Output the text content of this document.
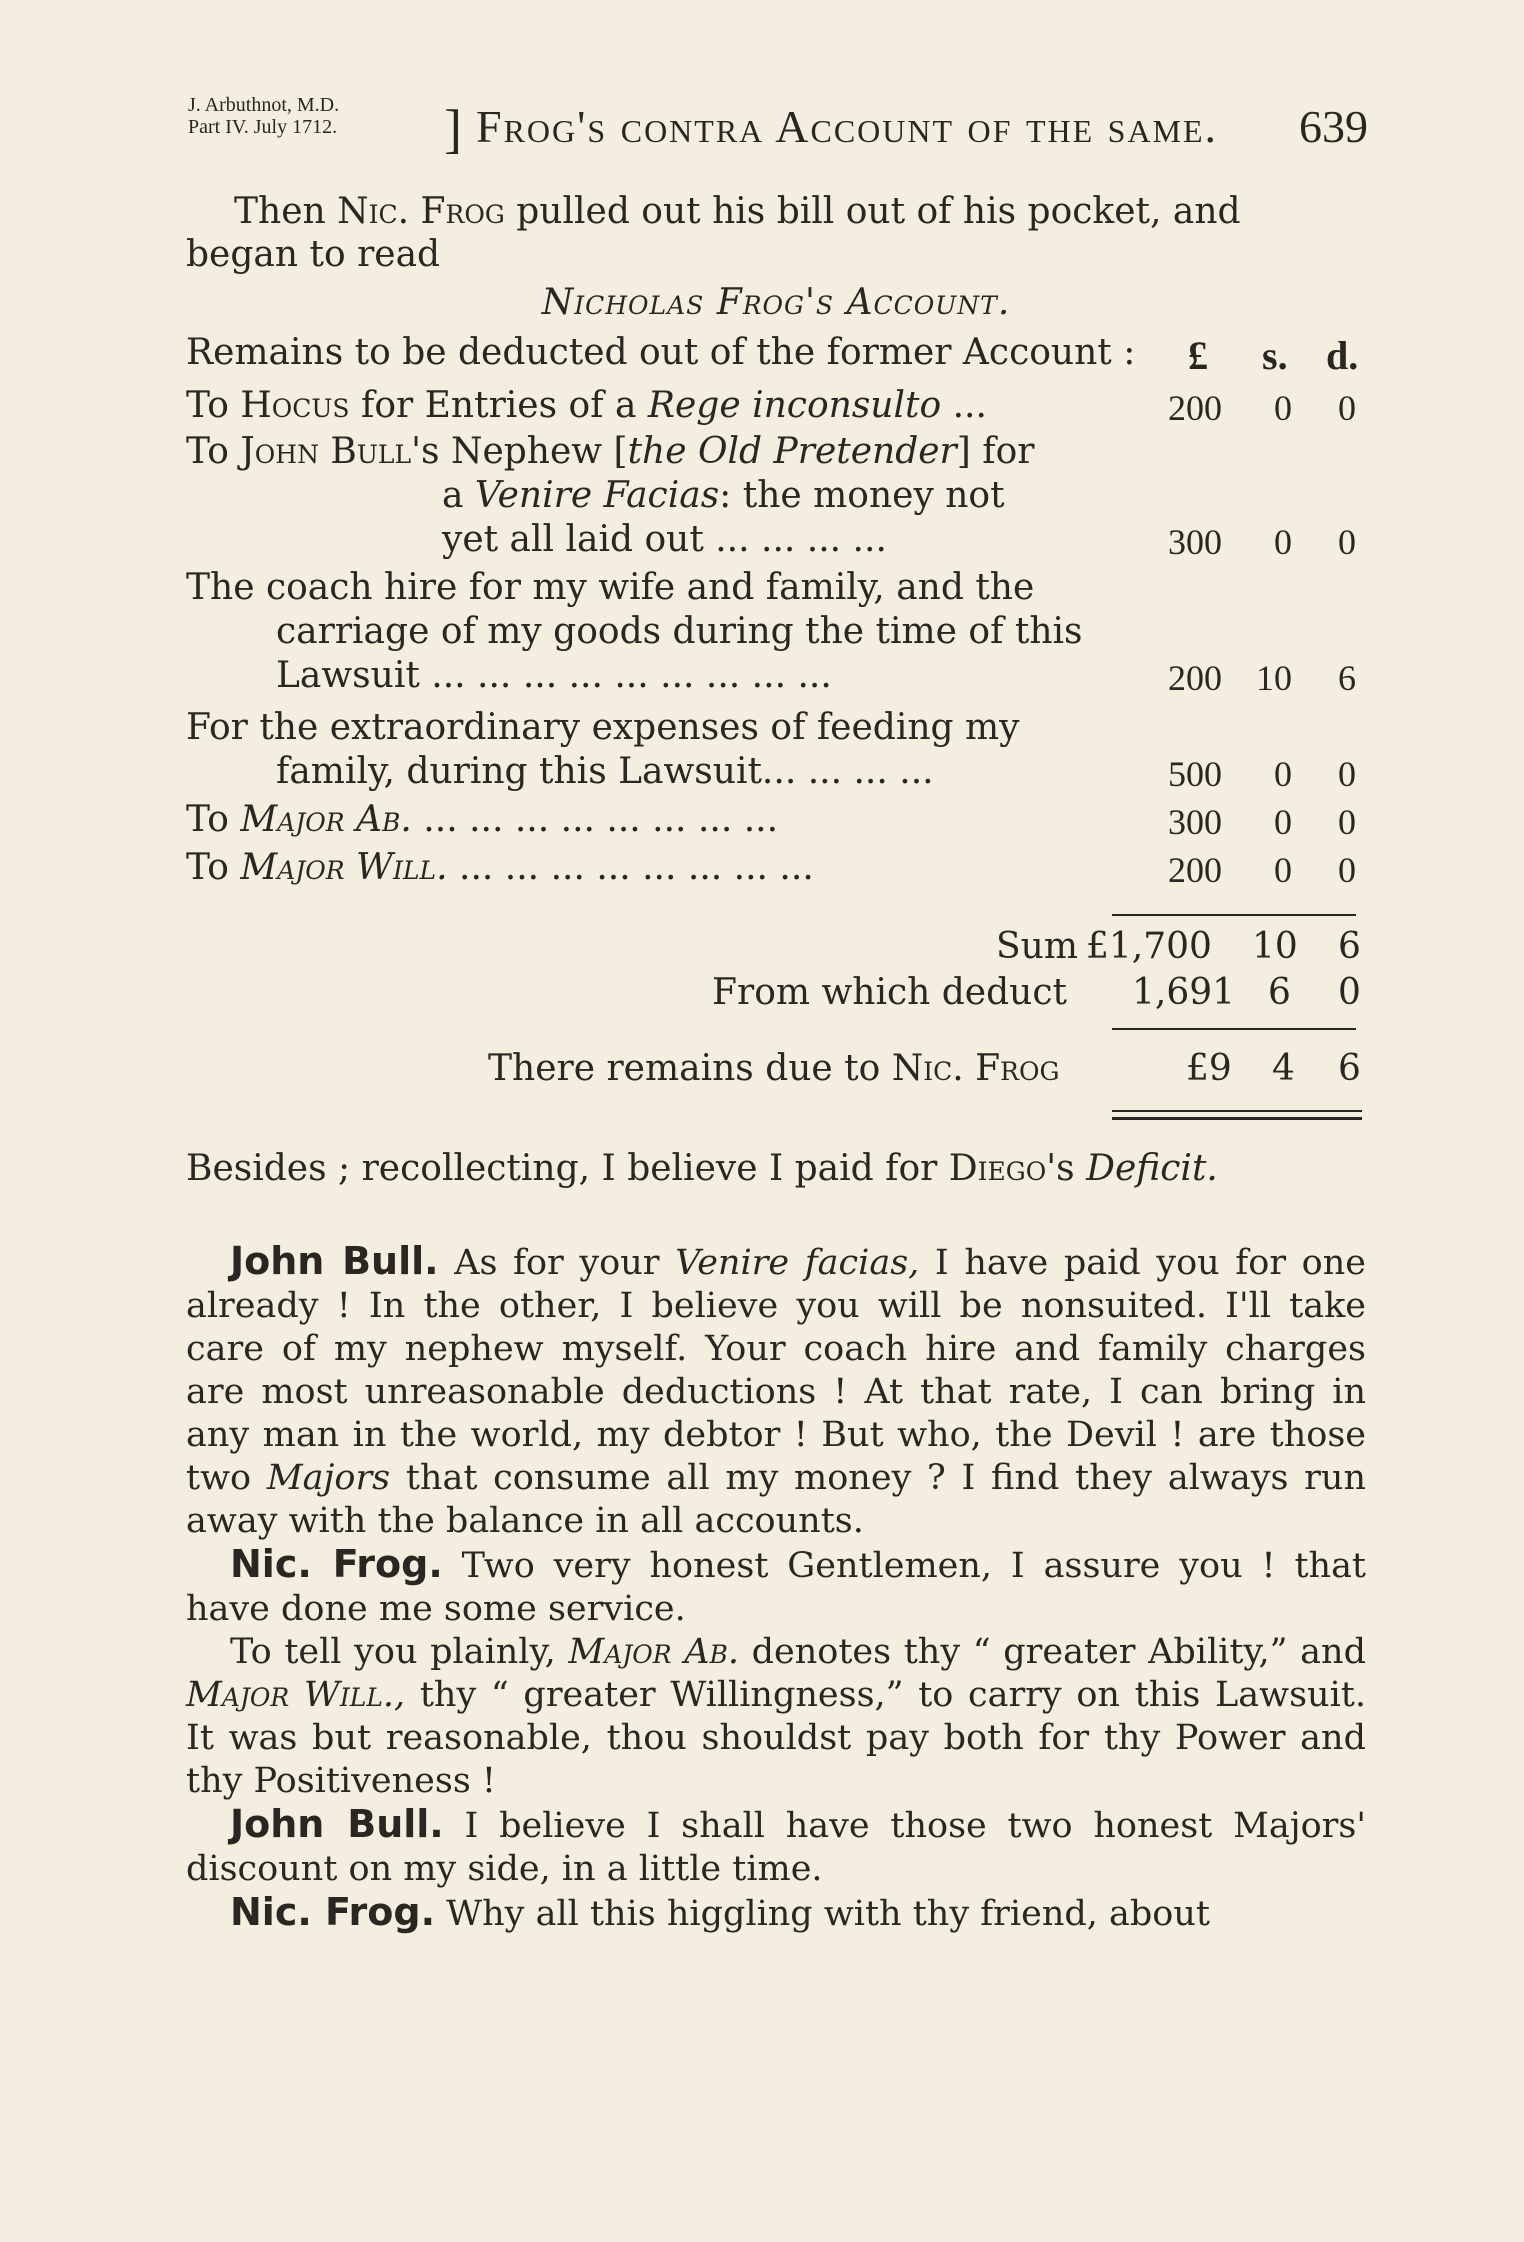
J. Arbuthnot, M.D.
Part IV. July 1712. ] Frog's contra Account of the same. 639
Then Nic. Frog pulled out his bill out of his pocket, and
began to read
Nicholas Frog's Account.
Remains to be deducted out of the former Account : £ s. d.
To Hocus for Entries of a Rege inconsulto ...	200 0 0
To John Bull's Nephew [the Old Pretender] for
a Venire Facias: the money not
yet all laid out ... ... ... ...	300 0 0
The coach hire for my wife and family, and the
carriage of my goods during the time of this
Lawsuit ... ... ... ... ... ... ... ... ...	200 10 6
For the extraordinary expenses of feeding my
family, during this Lawsuit... ... ... ...	500 0 0
To Major Ab. ... ... ... ... ... ... ... ...	300 0 0
To Major Will. ... ... ... ... ... ... ... ...	200 0 0
Sum £1,700 10 6
From which deduct 1,691 6 0
There remains due to Nic. Frog	£9 4 6
Besides ; recollecting, I believe I paid for Diego's Deficit.

John Bull. As for your Venire facias, I have paid you for one already ! In the other, I believe you will be nonsuited. I'll take care of my nephew myself. Your coach hire and family charges are most unreasonable deductions ! At that rate, I can bring in any man in the world, my debtor ! But who, the Devil ! are those two Majors that consume all my money ? I find they always run away with the balance in all accounts.

Nic. Frog. Two very honest Gentlemen, I assure you ! that have done me some service.

To tell you plainly, Major Ab. denotes thy “ greater Ability,” and Major Will., thy “ greater Willingness,” to carry on this Lawsuit. It was but reasonable, thou shouldst pay both for thy Power and thy Positiveness !

John Bull. I believe I shall have those two honest Majors' discount on my side, in a little time.

Nic. Frog. Why all this higgling with thy friend, about
